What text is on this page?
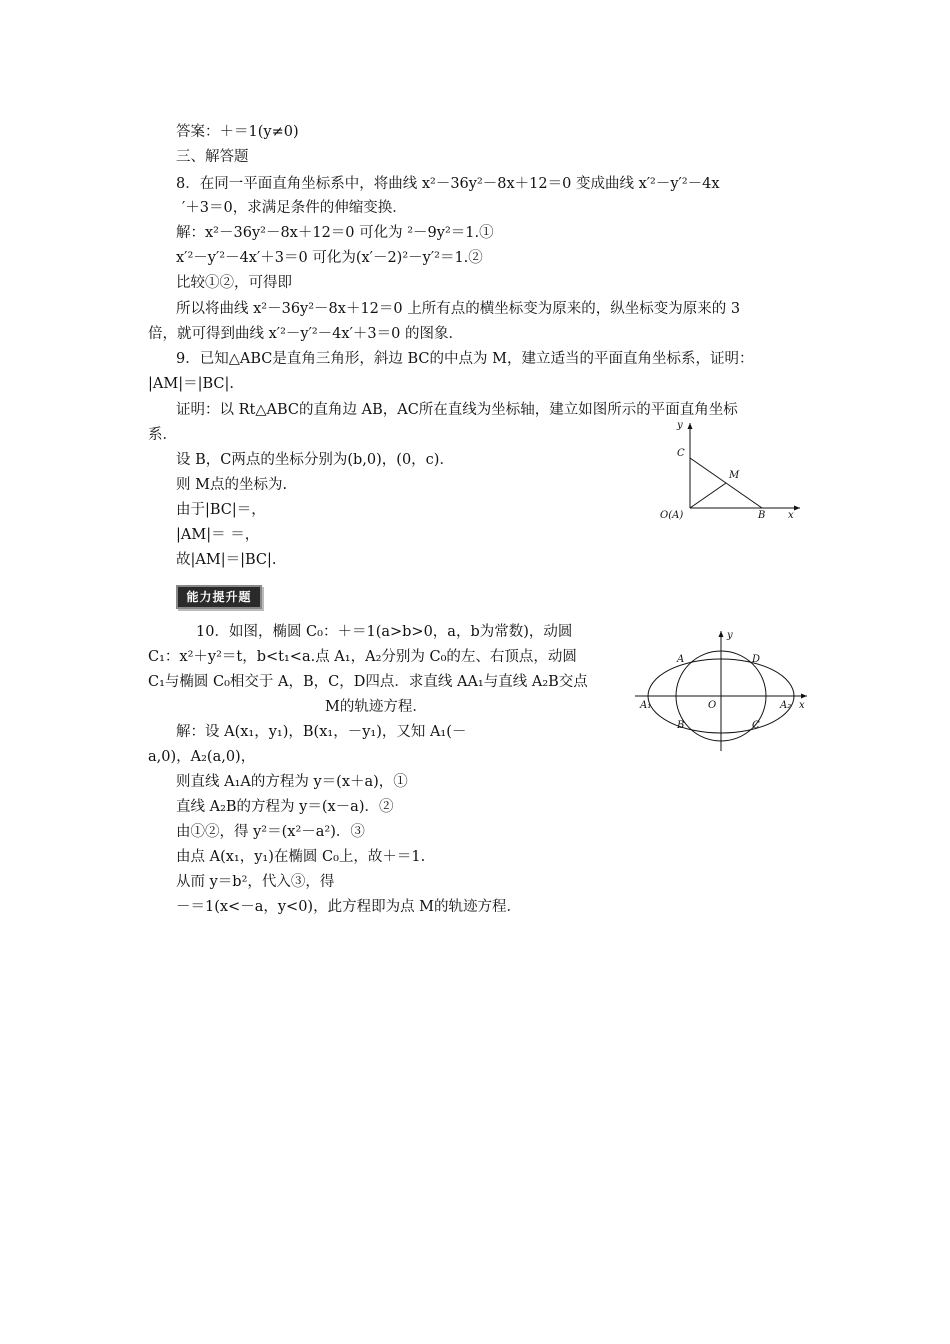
答案：＋＝1(y≠0)
三、解答题
8．在同一平面直角坐标系中，将曲线 x²－36y²－8x＋12＝0 变成曲线 x′²－y′²－4x
′＋3＝0，求满足条件的伸缩变换．
解：x²－36y²－8x＋12＝0 可化为 ²－9y²＝1.①
x′²－y′²－4x′＋3＝0 可化为(x′－2)²－y′²＝1.②
比较①②，可得即
所以将曲线 x²－36y²－8x＋12＝0 上所有点的横坐标变为原来的，纵坐标变为原来的 3
倍，就可得到曲线 x′²－y′²－4x′＋3＝0 的图象．
9．已知△ABC是直角三角形，斜边 BC的中点为 M，建立适当的平面直角坐标系，证明：
|AM|＝|BC|.
证明：以 Rt△ABC的直角边 AB，AC所在直线为坐标轴，建立如图所示的平面直角坐标
系．
设 B，C两点的坐标分别为(b,0)，(0，c)．
则 M点的坐标为.
由于|BC|＝，
|AM|＝ ＝，
故|AM|＝|BC|.
y
x
C
M
O(A)	B
能力提升题
10．如图，椭圆 C₀：＋＝1(a>b>0，a，b为常数)，动圆
C₁：x²＋y²＝t，b<t₁<a.点 A₁，A₂分别为 C₀的左、右顶点，动圆
C₁与椭圆 C₀相交于 A，B，C，D四点．求直线 AA₁与直线 A₂B交点
M的轨迹方程．
解：设 A(x₁，y₁)，B(x₁，－y₁)，又知 A₁(－
a,0)，A₂(a,0)，
则直线 A₁A的方程为 y＝(x＋a)，①
直线 A₂B的方程为 y＝(x－a)．②
由①②，得 y²＝(x²－a²)．③
由点 A(x₁，y₁)在椭圆 C₀上，故＋＝1.
从而 y＝b²，代入③，得
－＝1(x<－a，y<0)，此方程即为点 M的轨迹方程．
y
x
A	D
A₁	O	A₂
B	C
